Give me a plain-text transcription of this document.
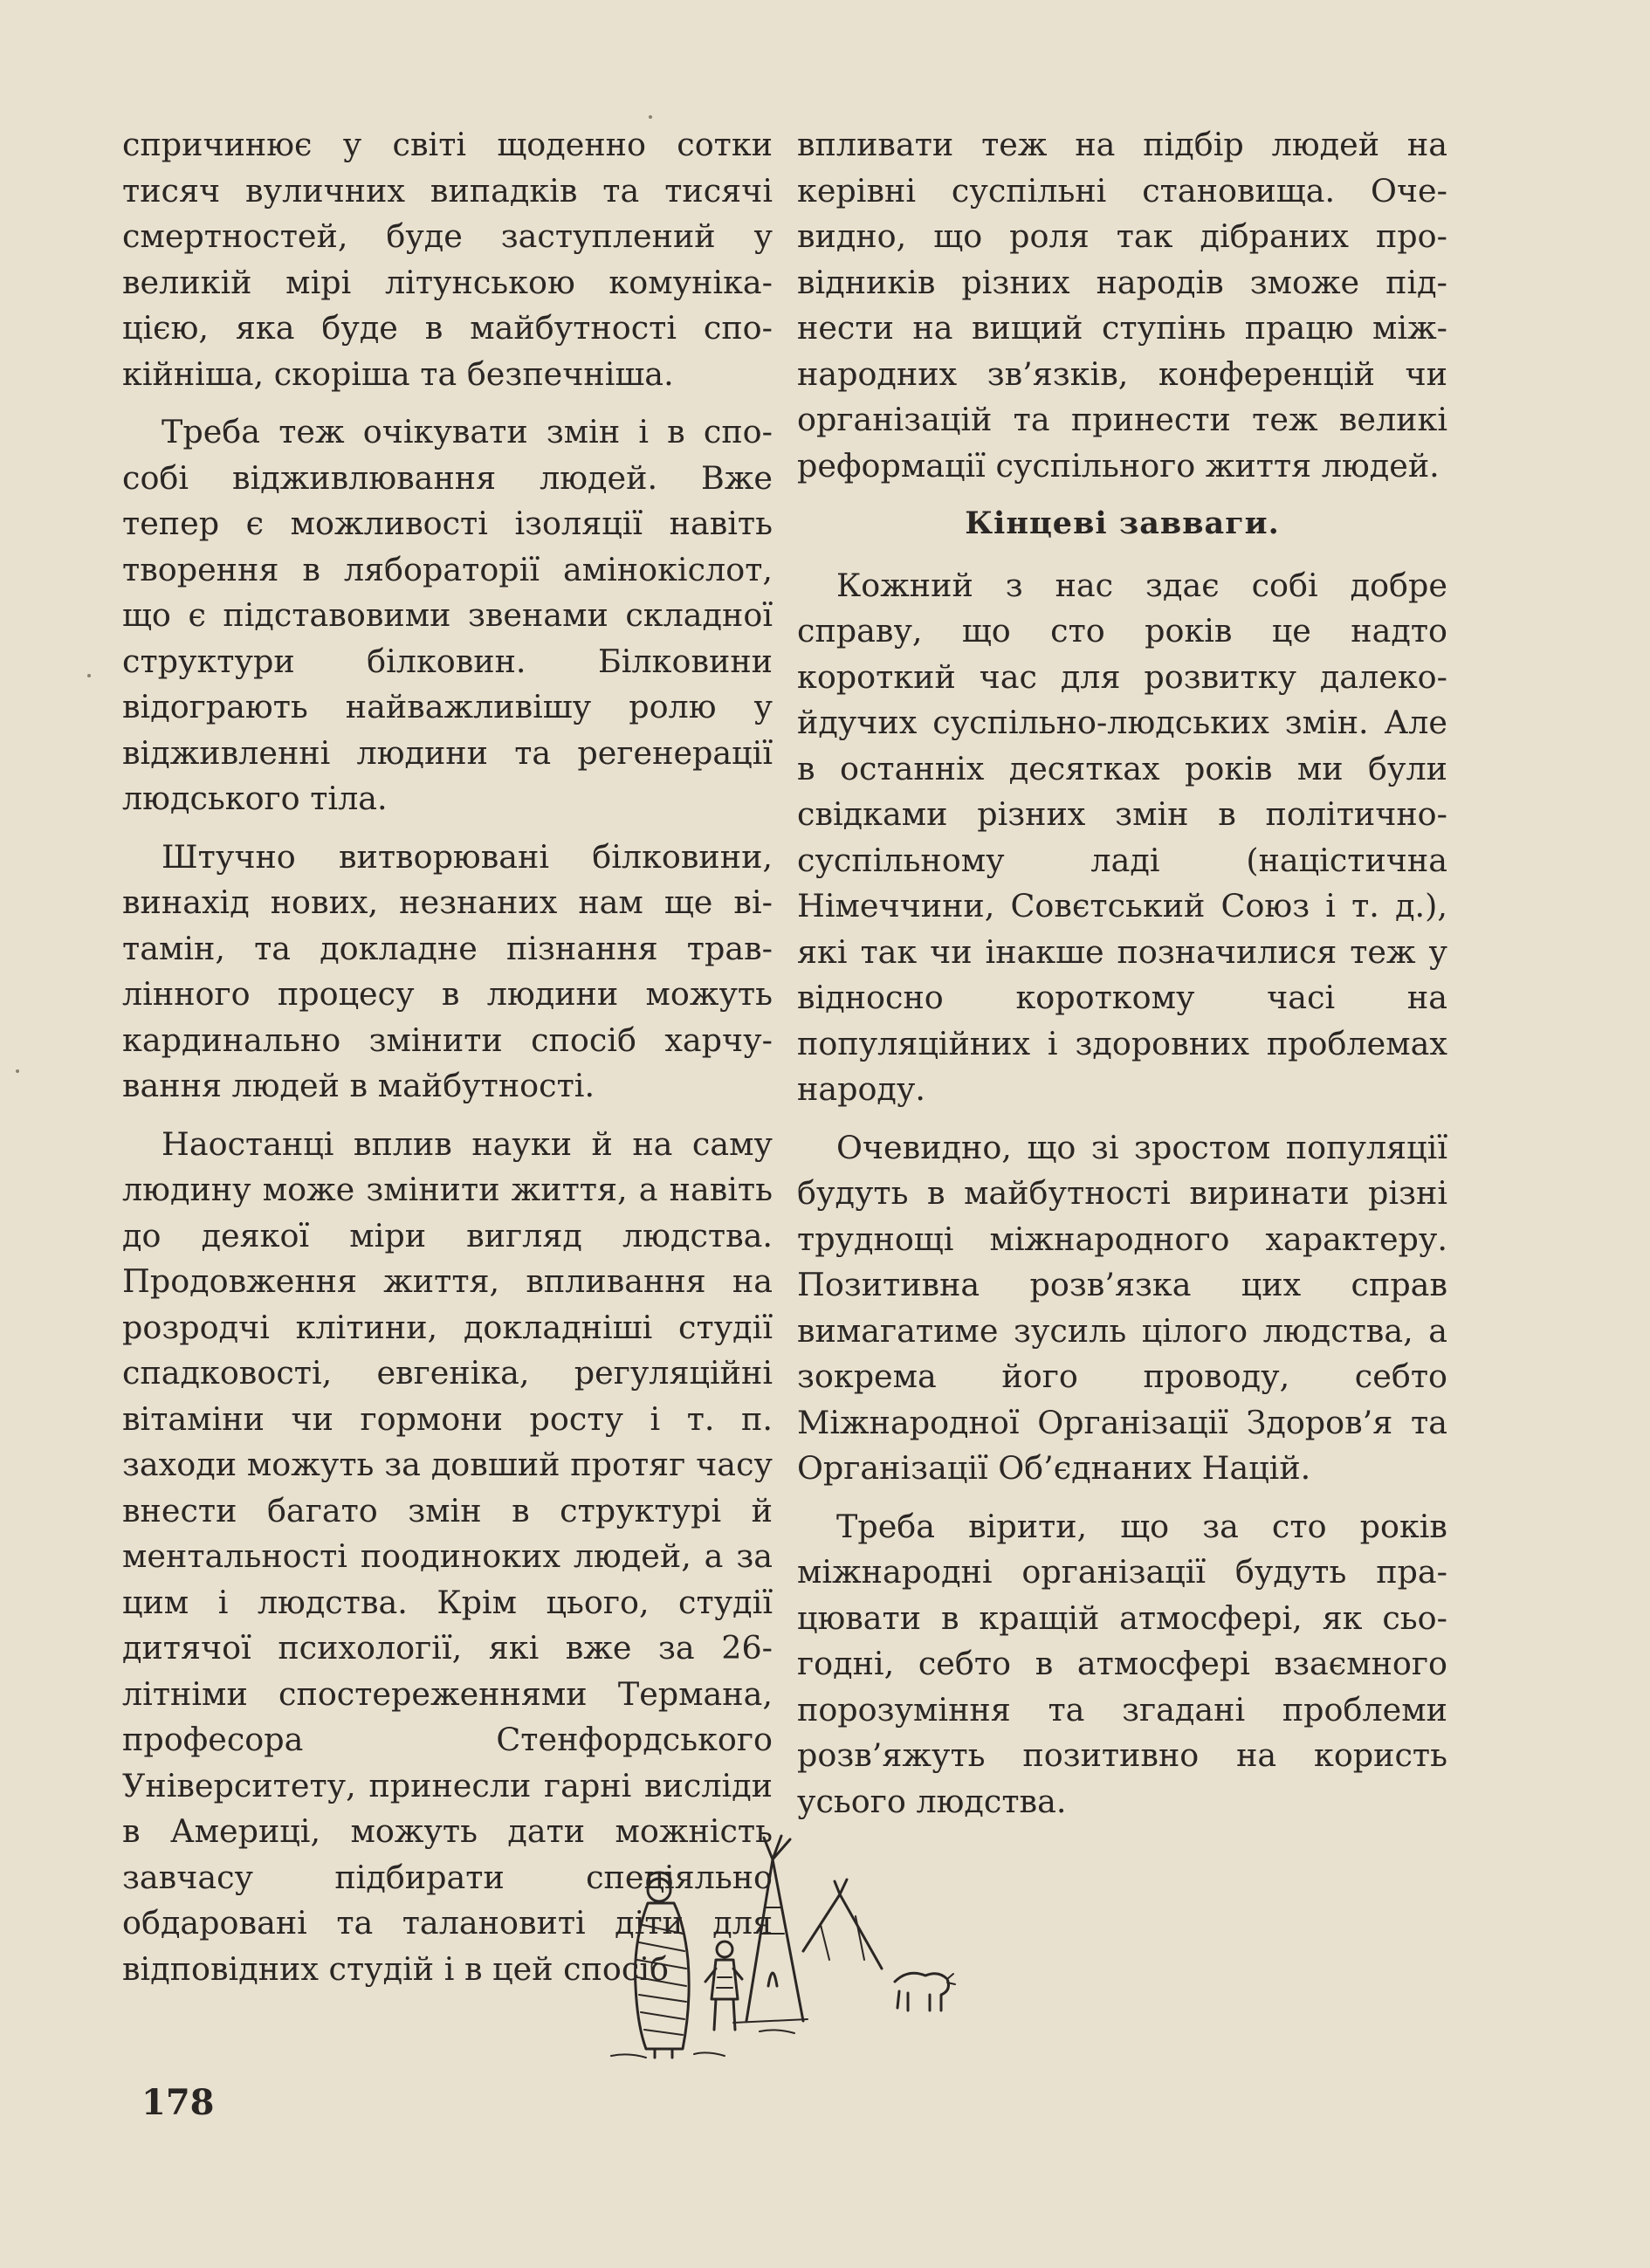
спричинює у світі щоденно сотки тисяч вуличних випадків та тисячі смертностей, буде заступлений у великій мірі літунською комунікацією, яка буде в майбутності спокійніша, скоріша та безпечніша.

Треба теж очікувати змін і в способі відживлювання людей. Вже тепер є можливості ізоляції навіть творення в лябораторії амінокіслот, що є підставовими звенами складної структури білковин. Білковини відограють найважливішу ролю у відживленні людини та регенерації людського тіла.

Штучно витворювані білковини, винахід нових, незнаних нам ще вітамін, та докладне пізнання травлінного процесу в людини можуть кардинально змінити спосіб харчування людей в майбутності.

Наостанці вплив науки й на саму людину може змінити життя, а навіть до деякої міри вигляд людства. Продовження життя, впливання на розродчі клітини, докладніші студії спадковості, евгеніка, регуляційні вітаміни чи гормони росту і т. п. заходи можуть за довший протяг часу внести багато змін в структурі й ментальності поодиноких людей, а за цим і людства. Крім цього, студії дитячої психології, які вже за 26-літніми спостереженнями Термана, професора Стенфордського Університету, принесли гарні висліди в Америці, можуть дати можність завчасу підбирати спеціяльно обдаровані та талановиті діти для відповідних студій і в цей спосіб

впливати теж на підбір людей на керівні суспільні становища. Очевидно, що роля так дібраних провідників різних народів зможе піднести на вищий ступінь працю міжнародних зв’язків, конференцій чи організацій та принести теж великі реформації суспільного життя людей.

Кінцеві завваги.

Кожний з нас здає собі добре справу, що сто років це надто короткий час для розвитку далекойдучих суспільно-людських змін. Але в останніх десятках років ми були свідками різних змін в політично-суспільному ладі (націстична Німеччини, Совєтський Союз і т. д.), які так чи інакше позначилися теж у відносно короткому часі на популяційних і здоровних проблемах народу.

Очевидно, що зі зростом популяції будуть в майбутності виринати різні труднощі міжнародного характеру. Позитивна розв’язка цих справ вимагатиме зусиль цілого людства, а зокрема його проводу, себто Міжнародної Організації Здоров’я та Організації Об’єднаних Націй.

Треба вірити, що за сто років міжнародні організації будуть працювати в кращій атмосфері, як сьогодні, себто в атмосфері взаємного порозуміння та згадані проблеми розв’яжуть позитивно на користь усього людства.

178
